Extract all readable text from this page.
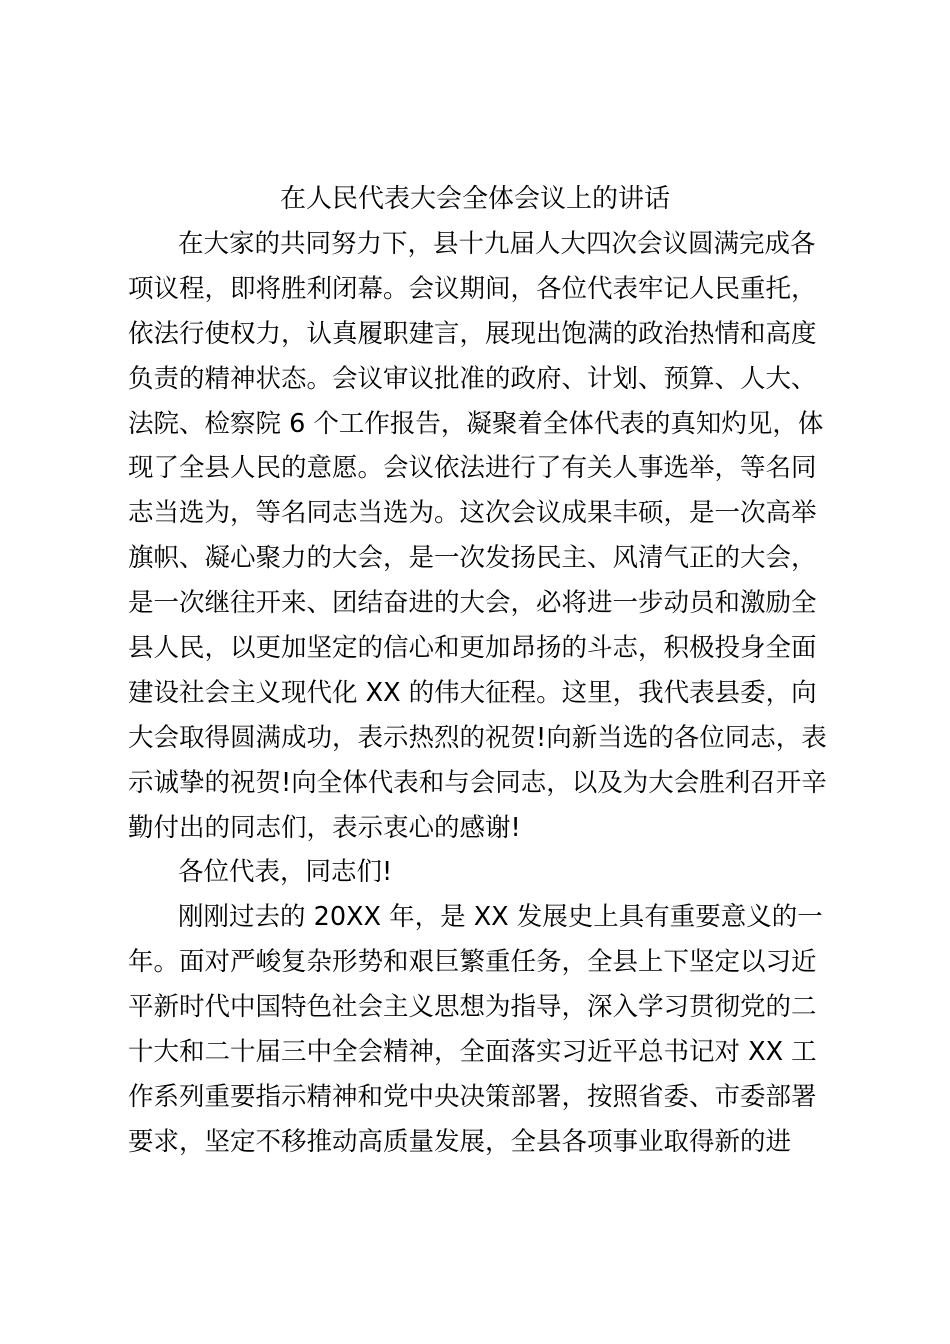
在人民代表大会全体会议上的讲话
在大家的共同努力下，县十九届人大四次会议圆满完成各
项议程，即将胜利闭幕。会议期间，各位代表牢记人民重托，
依法行使权力，认真履职建言，展现出饱满的政治热情和高度
负责的精神状态。会议审议批准的政府、计划、预算、人大、
法院、检察院 6 个工作报告，凝聚着全体代表的真知灼见，体
现了全县人民的意愿。会议依法进行了有关人事选举，等名同
志当选为，等名同志当选为。这次会议成果丰硕，是一次高举
旗帜、凝心聚力的大会，是一次发扬民主、风清气正的大会，
是一次继往开来、团结奋进的大会，必将进一步动员和激励全
县人民，以更加坚定的信心和更加昂扬的斗志，积极投身全面
建设社会主义现代化 XX 的伟大征程。这里，我代表县委，向
大会取得圆满成功，表示热烈的祝贺!向新当选的各位同志，表
示诚挚的祝贺!向全体代表和与会同志，以及为大会胜利召开辛
勤付出的同志们，表示衷心的感谢!
各位代表，同志们!
刚刚过去的 20XX 年，是 XX 发展史上具有重要意义的一
年。面对严峻复杂形势和艰巨繁重任务，全县上下坚定以习近
平新时代中国特色社会主义思想为指导，深入学习贯彻党的二
十大和二十届三中全会精神，全面落实习近平总书记对 XX 工
作系列重要指示精神和党中央决策部署，按照省委、市委部署
要求，坚定不移推动高质量发展，全县各项事业取得新的进
